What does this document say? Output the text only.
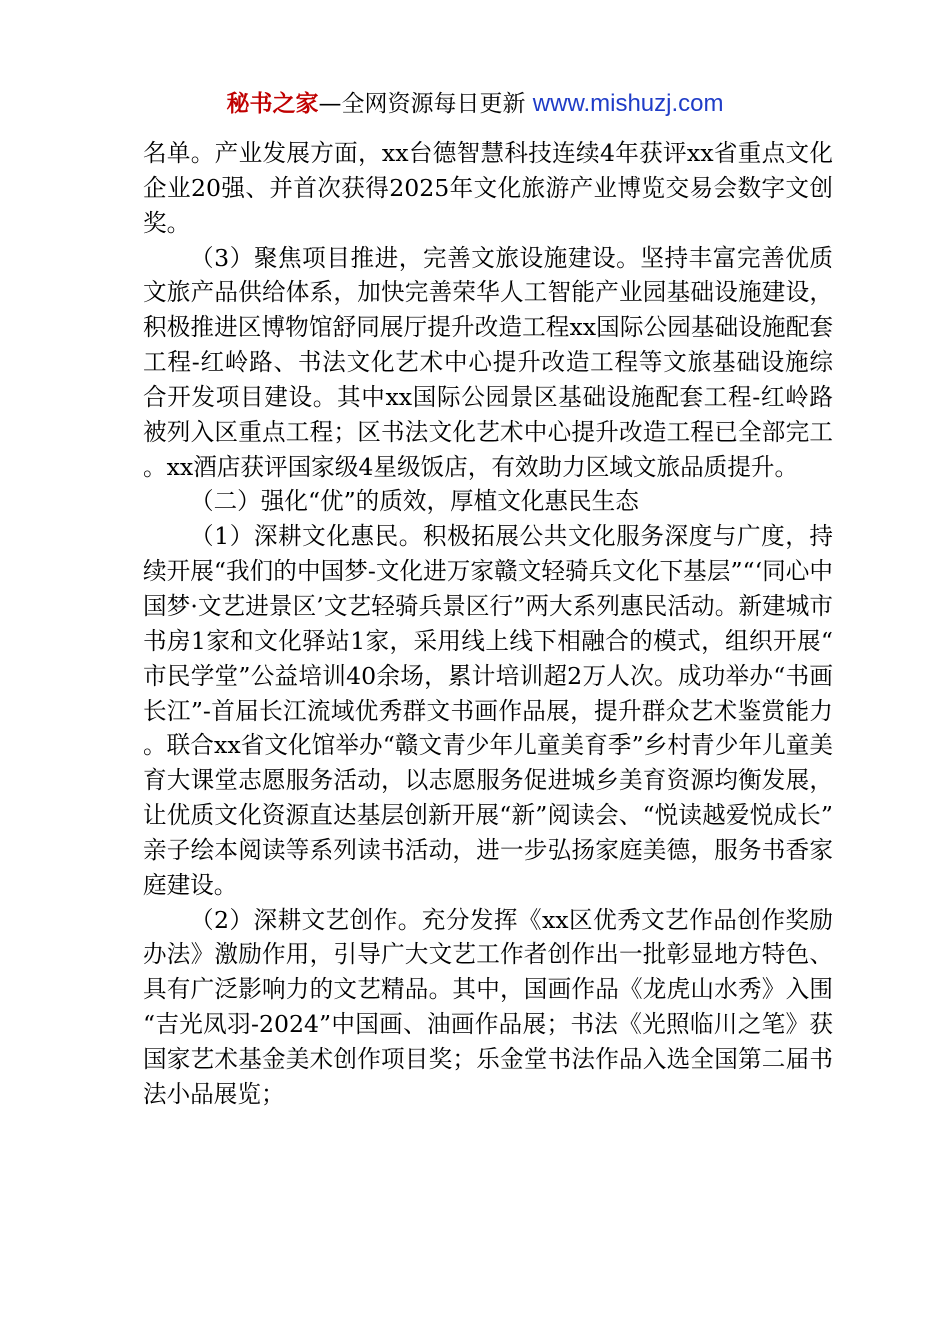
秘书之家—全网资源每日更新 www.mishuzj.com

名单。产业发展方面，xx台德智慧科技连续4年获评xx省重点文化企业20强、并首次获得2025年文化旅游产业博览交易会数字文创奖。

（3）聚焦项目推进，完善文旅设施建设。坚持丰富完善优质文旅产品供给体系，加快完善荣华人工智能产业园基础设施建设，积极推进区博物馆舒同展厅提升改造工程xx国际公园基础设施配套工程-红岭路、书法文化艺术中心提升改造工程等文旅基础设施综合开发项目建设。其中xx国际公园景区基础设施配套工程-红岭路被列入区重点工程；区书法文化艺术中心提升改造工程已全部完工。xx酒店获评国家级4星级饭店，有效助力区域文旅品质提升。

（二）强化“优”的质效，厚植文化惠民生态

（1）深耕文化惠民。积极拓展公共文化服务深度与广度，持续开展“我们的中国梦-文化进万家赣文轻骑兵文化下基层”“‘同心中国梦·文艺进景区’文艺轻骑兵景区行”两大系列惠民活动。新建城市书房1家和文化驿站1家，采用线上线下相融合的模式，组织开展“市民学堂”公益培训40余场，累计培训超2万人次。成功举办“书画长江”-首届长江流域优秀群文书画作品展，提升群众艺术鉴赏能力。联合xx省文化馆举办“赣文青少年儿童美育季”乡村青少年儿童美育大课堂志愿服务活动，以志愿服务促进城乡美育资源均衡发展，让优质文化资源直达基层创新开展“新”阅读会、“悦读越爱悦成长”亲子绘本阅读等系列读书活动，进一步弘扬家庭美德，服务书香家庭建设。

（2）深耕文艺创作。充分发挥《xx区优秀文艺作品创作奖励办法》激励作用，引导广大文艺工作者创作出一批彰显地方特色、具有广泛影响力的文艺精品。其中，国画作品《龙虎山水秀》入围“吉光凤羽-2024”中国画、油画作品展；书法《光照临川之笔》获国家艺术基金美术创作项目奖；乐金堂书法作品入选全国第二届书法小品展览；
